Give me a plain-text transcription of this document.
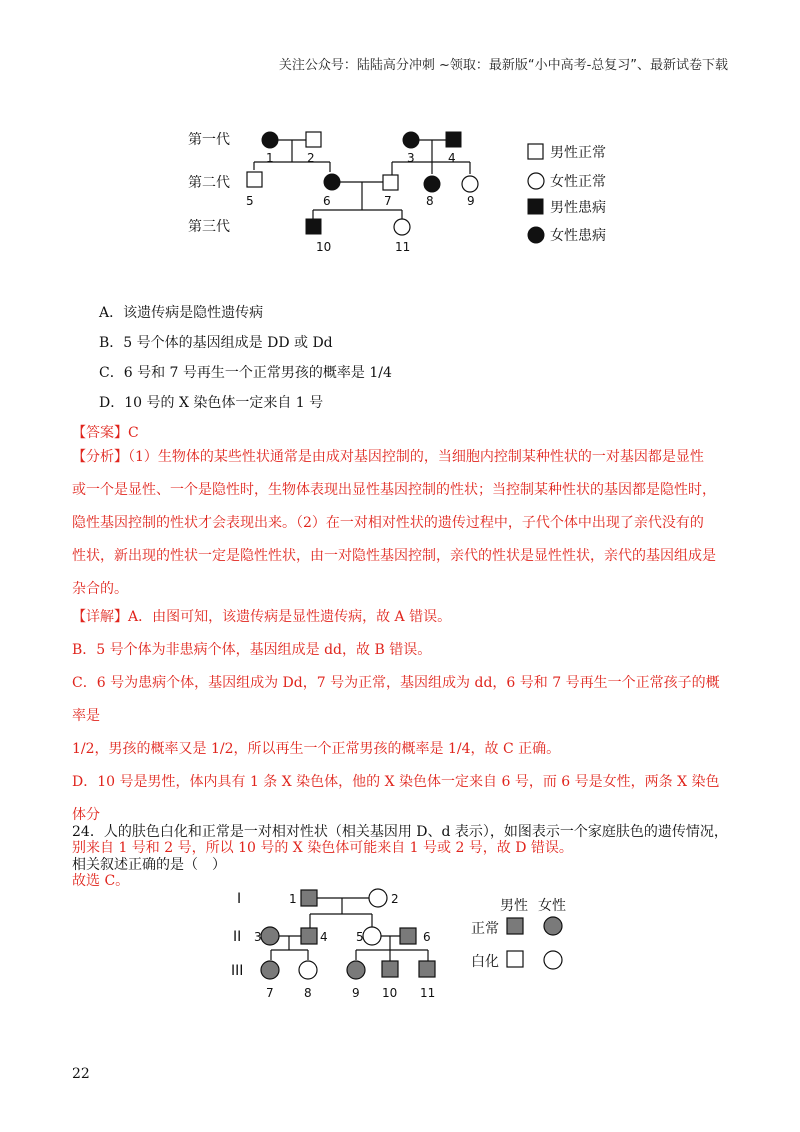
关注公众号：陆陆高分冲刺 ~领取：最新版“小中高考-总复习”、最新试卷下载
第一代
第二代
第三代
1	2	3	4
5	6	7	8	9
10	11
男性正常
女性正常
男性患病
女性患病
A．该遗传病是隐性遗传病
B．5 号个体的基因组成是 DD 或 Dd
C．6 号和 7 号再生一个正常男孩的概率是 1/4
D．10 号的 X 染色体一定来自 1 号
【答案】C

【分析】（1）生物体的某些性状通常是由成对基因控制的，当细胞内控制某种性状的一对基因都是显性

或一个是显性、一个是隐性时，生物体表现出显性基因控制的性状；当控制某种性状的基因都是隐性时，

隐性基因控制的性状才会表现出来。（2）在一对相对性状的遗传过程中，子代个体中出现了亲代没有的

性状，新出现的性状一定是隐性性状，由一对隐性基因控制，亲代的性状是显性性状，亲代的基因组成是

杂合的。

【详解】A．由图可知，该遗传病是显性遗传病，故 A 错误。

B．5 号个体为非患病个体，基因组成是 dd，故 B 错误。

C．6 号为患病个体，基因组成为 Dd，7 号为正常，基因组成为 dd，6 号和 7 号再生一个正常孩子的概率是

1/2，男孩的概率又是 1/2，所以再生一个正常男孩的概率是 1/4，故 C 正确。

D．10 号是男性，体内具有 1 条 X 染色体，他的 X 染色体一定来自 6 号，而 6 号是女性，两条 X 染色体分

别来自 1 号和 2 号，所以 10 号的 X 染色体可能来自 1 号或 2 号，故 D 错误。

故选 C。

24．人的肤色白化和正常是一对相对性状（相关基因用 D、d 表示），如图表示一个家庭肤色的遗传情况，
相关叙述正确的是（　）
I
II
III
1	2
3	4 5	6
7	8	9 10 11
男性 女性
正常
白化
22
